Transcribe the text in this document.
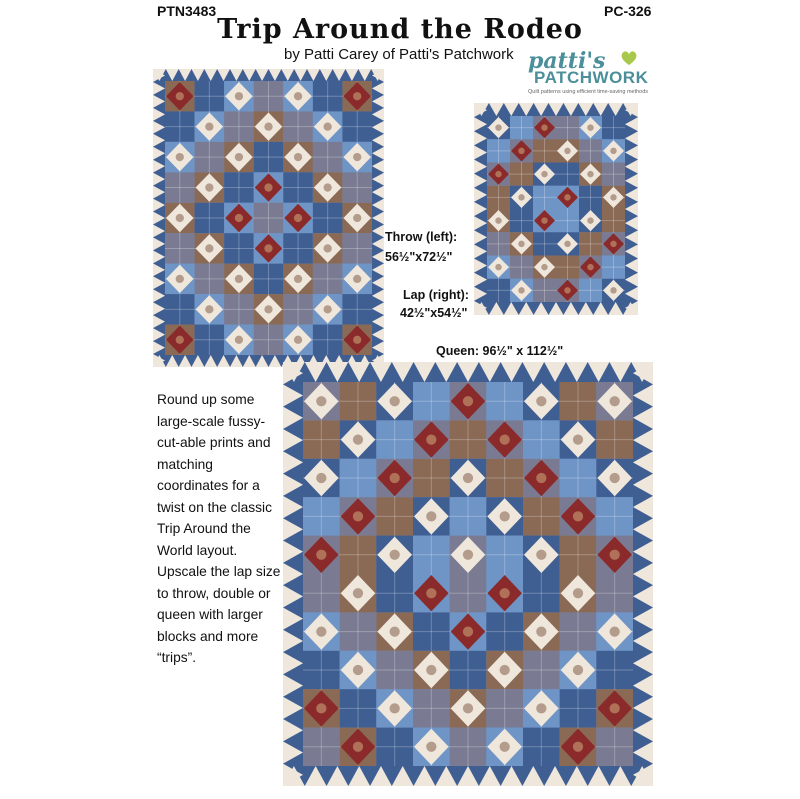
PTN3483	PC-326
Trip Around the Rodeo
by Patti Carey of Patti's Patchwork patti's
PATCHWORK
Quilt patterns using efficient time-saving methods
Throw (left):
56½"x72½"
Lap (right):
42½"x54½"
Queen: 96½" x 112½"
Round up some large-scale fussy-cut-able prints and matching coordinates for a twist on the classic Trip Around the World layout. Upscale the lap size to throw, double or queen with larger blocks and more “trips”.
